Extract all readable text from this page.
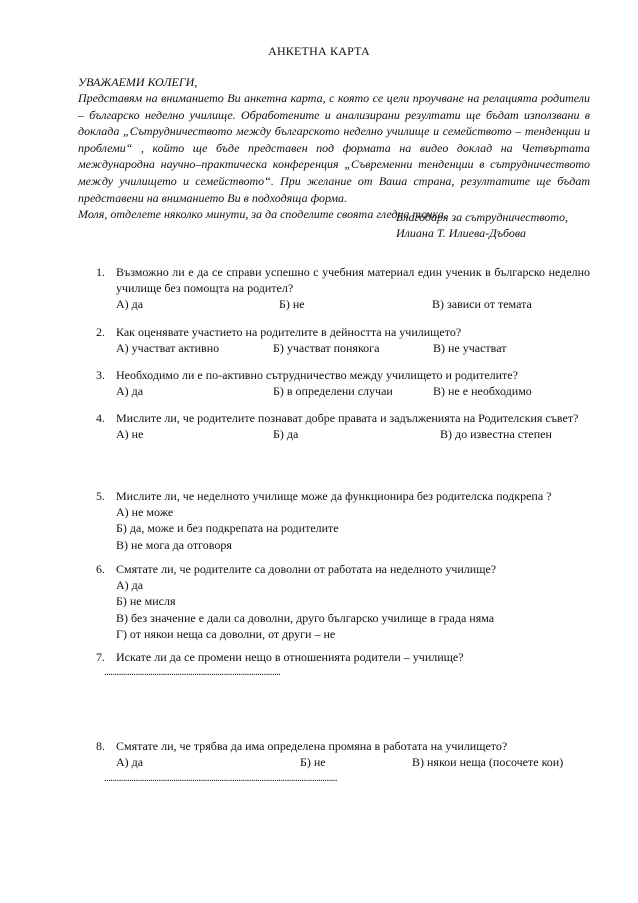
АНКЕТНА КАРТА
УВАЖАЕМИ КОЛЕГИ,
Представям на вниманието Ви анкетна карта, с която се цели проучване на релацията родители – българско неделно училище. Обработените и анализирани резултати ще бъдат използвани в доклада „Сътрудничеството между българското неделно училище и семейството – тенденции и проблеми“ , който ще бъде представен под формата на видео доклад на Четвъртата международна научно–практическа конференция „Съвременни тенденции в сътрудничеството между училището и семейството“. При желание от Ваша страна, резултатите ще бъдат представени на вниманието Ви в подходяща форма.
Моля, отделете няколко минути, за да споделите своята гледна точка.
Благодаря за сътрудничеството,
Илиана Т. Илиева-Дъбова
1. Възможно ли е да се справи успешно с учебния материал един ученик в българско неделно училище без помощта на родител?
А) да	Б) не	В) зависи от темата
2. Как оценявате участието на родителите в дейността на училището?
А) участват активно	Б) участват понякога	В) не участват
3. Необходимо ли е по-активно сътрудничество между училището и родителите?
А) да	Б) в определени случаи	В) не е необходимо
4. Мислите ли, че родителите познават добре правата и задълженията на Родителския съвет?
А) не	Б) да	В) до известна степен
5. Мислите ли, че неделното училище може да функционира без родителска подкрепа ?
А) не може
Б) да, може и без подкрепата на родителите
В) не мога да отговоря
6. Смятате ли, че родителите са доволни от работата на неделното училище?
А) да
Б) не мисля
В) без значение е дали са доволни, друго българско училище в града няма
Г) от някои неща са доволни, от други – не
7. Искате ли да се промени нещо в отношенията родители – училище?
....................................................................................
8. Смятате ли, че трябва да има определена промяна в работата на училището?
А) да	Б) не	В) някои неща (посочете кои)
...............................................................................................................
